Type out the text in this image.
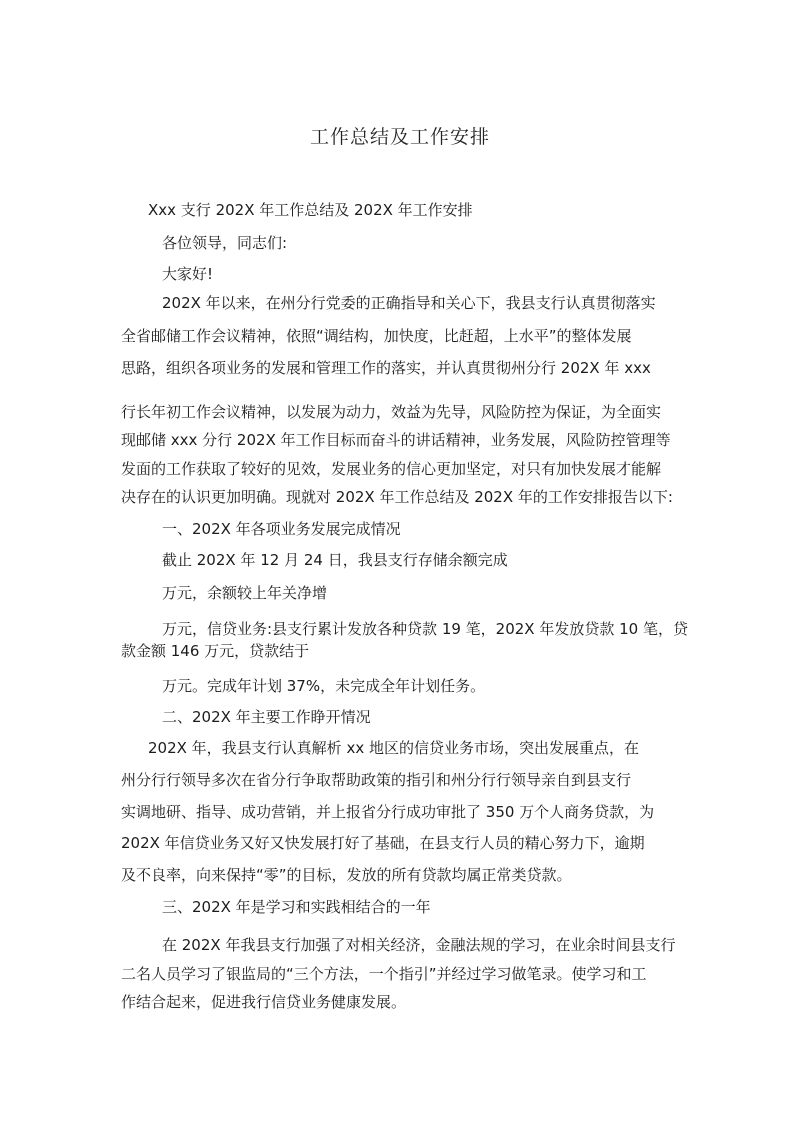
工作总结及工作安排
Xxx 支行 202X 年工作总结及 202X 年工作安排
各位领导，同志们:
大家好!
202X 年以来，在州分行党委的正确指导和关心下，我县支行认真贯彻落实
全省邮储工作会议精神，依照“调结构，加快度，比赶超，上水平”的整体发展
思路，组织各项业务的发展和管理工作的落实，并认真贯彻州分行 202X 年 xxx
行长年初工作会议精神，以发展为动力，效益为先导，风险防控为保证，为全面实
现邮储 xxx 分行 202X 年工作目标而奋斗的讲话精神，业务发展，风险防控管理等
发面的工作获取了较好的见效，发展业务的信心更加坚定，对只有加快发展才能解
决存在的认识更加明确。现就对 202X 年工作总结及 202X 年的工作安排报告以下:
一、202X 年各项业务发展完成情况
截止 202X 年 12 月 24 日，我县支行存储余额完成
万元，余额较上年关净增
万元，信贷业务:县支行累计发放各种贷款 19 笔，202X 年发放贷款 10 笔，贷
款金额 146 万元，贷款结于
万元。完成年计划 37%，未完成全年计划任务。
二、202X 年主要工作睁开情况
202X 年，我县支行认真解析 xx 地区的信贷业务市场，突出发展重点，在
州分行行领导多次在省分行争取帮助政策的指引和州分行行领导亲自到县支行
实调地研、指导、成功营销，并上报省分行成功审批了 350 万个人商务贷款，为
202X 年信贷业务又好又快发展打好了基础，在县支行人员的精心努力下，逾期
及不良率，向来保持“零”的目标，发放的所有贷款均属正常类贷款。
三、202X 年是学习和实践相结合的一年
在 202X 年我县支行加强了对相关经济，金融法规的学习，在业余时间县支行
二名人员学习了银监局的“三个方法，一个指引”并经过学习做笔录。使学习和工
作结合起来，促进我行信贷业务健康发展。
